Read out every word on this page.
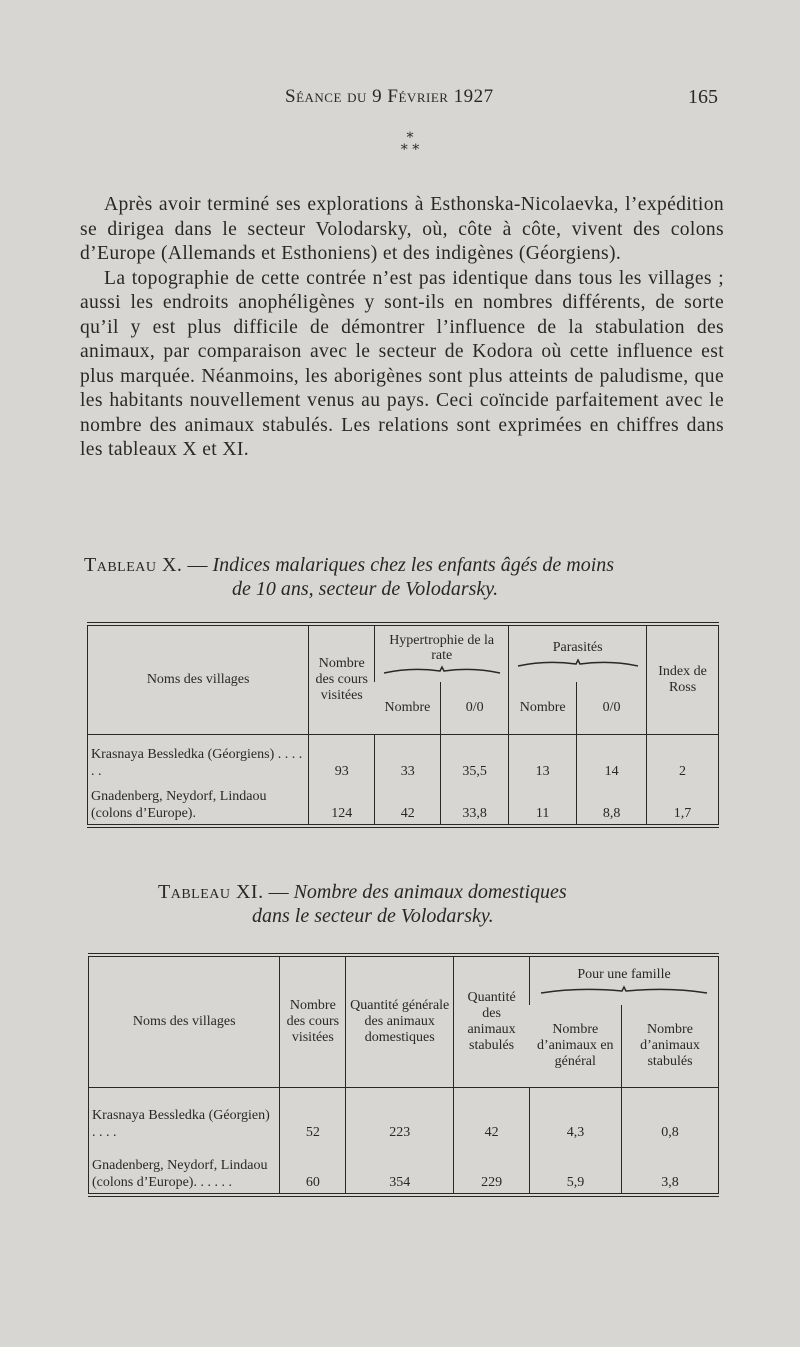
Séance du 9 Février 1927	165
*
* *

Après avoir terminé ses explorations à Esthonska-Nicolaevka, l’expédition se dirigea dans le secteur Volodarsky, où, côte à côte, vivent des colons d’Europe (Allemands et Esthoniens) et des indigènes (Géorgiens).

La topographie de cette contrée n’est pas identique dans tous les villages ; aussi les endroits anophéligènes y sont-ils en nombres différents, de sorte qu’il y est plus difficile de démontrer l’influence de la stabulation des animaux, par comparaison avec le secteur de Kodora où cette influence est plus marquée. Néanmoins, les aborigènes sont plus atteints de paludisme, que les habitants nouvellement venus au pays. Ceci coïncide parfaitement avec le nombre des animaux stabulés. Les relations sont exprimées en chiffres dans les tableaux X et XI.

Tableau X. — Indices malariques chez les enfants âgés de moins
de 10 ans, secteur de Volodarsky.
Noms des villages	Nombre des cours visitées	Hypertrophie de la rate		Parasités		Index de Ross
		Nombre	0/0	Nombre	0/0	
Krasnaya Bessledka (Géorgiens) . . . . . .	93	33	35,5	13	14	2
Gnadenberg, Neydorf, Lindaou (colons d’Europe).	124	42	33,8	11	8,8	1,7
Tableau XI. — Nombre des animaux domestiques
dans le secteur de Volodarsky.
Noms des villages	Nombre des cours visitées	Quantité générale des animaux domestiques	Quantité des animaux stabulés	Pour une famille	

				Nombre d’animaux en général	Nombre d’animaux stabulés
Krasnaya Bessledka (Géorgien) . . . .	52	223	42	4,3	0,8
Gnadenberg, Neydorf, Lindaou (colons d’Europe). . . . . .	60	354	229	5,9	3,8
